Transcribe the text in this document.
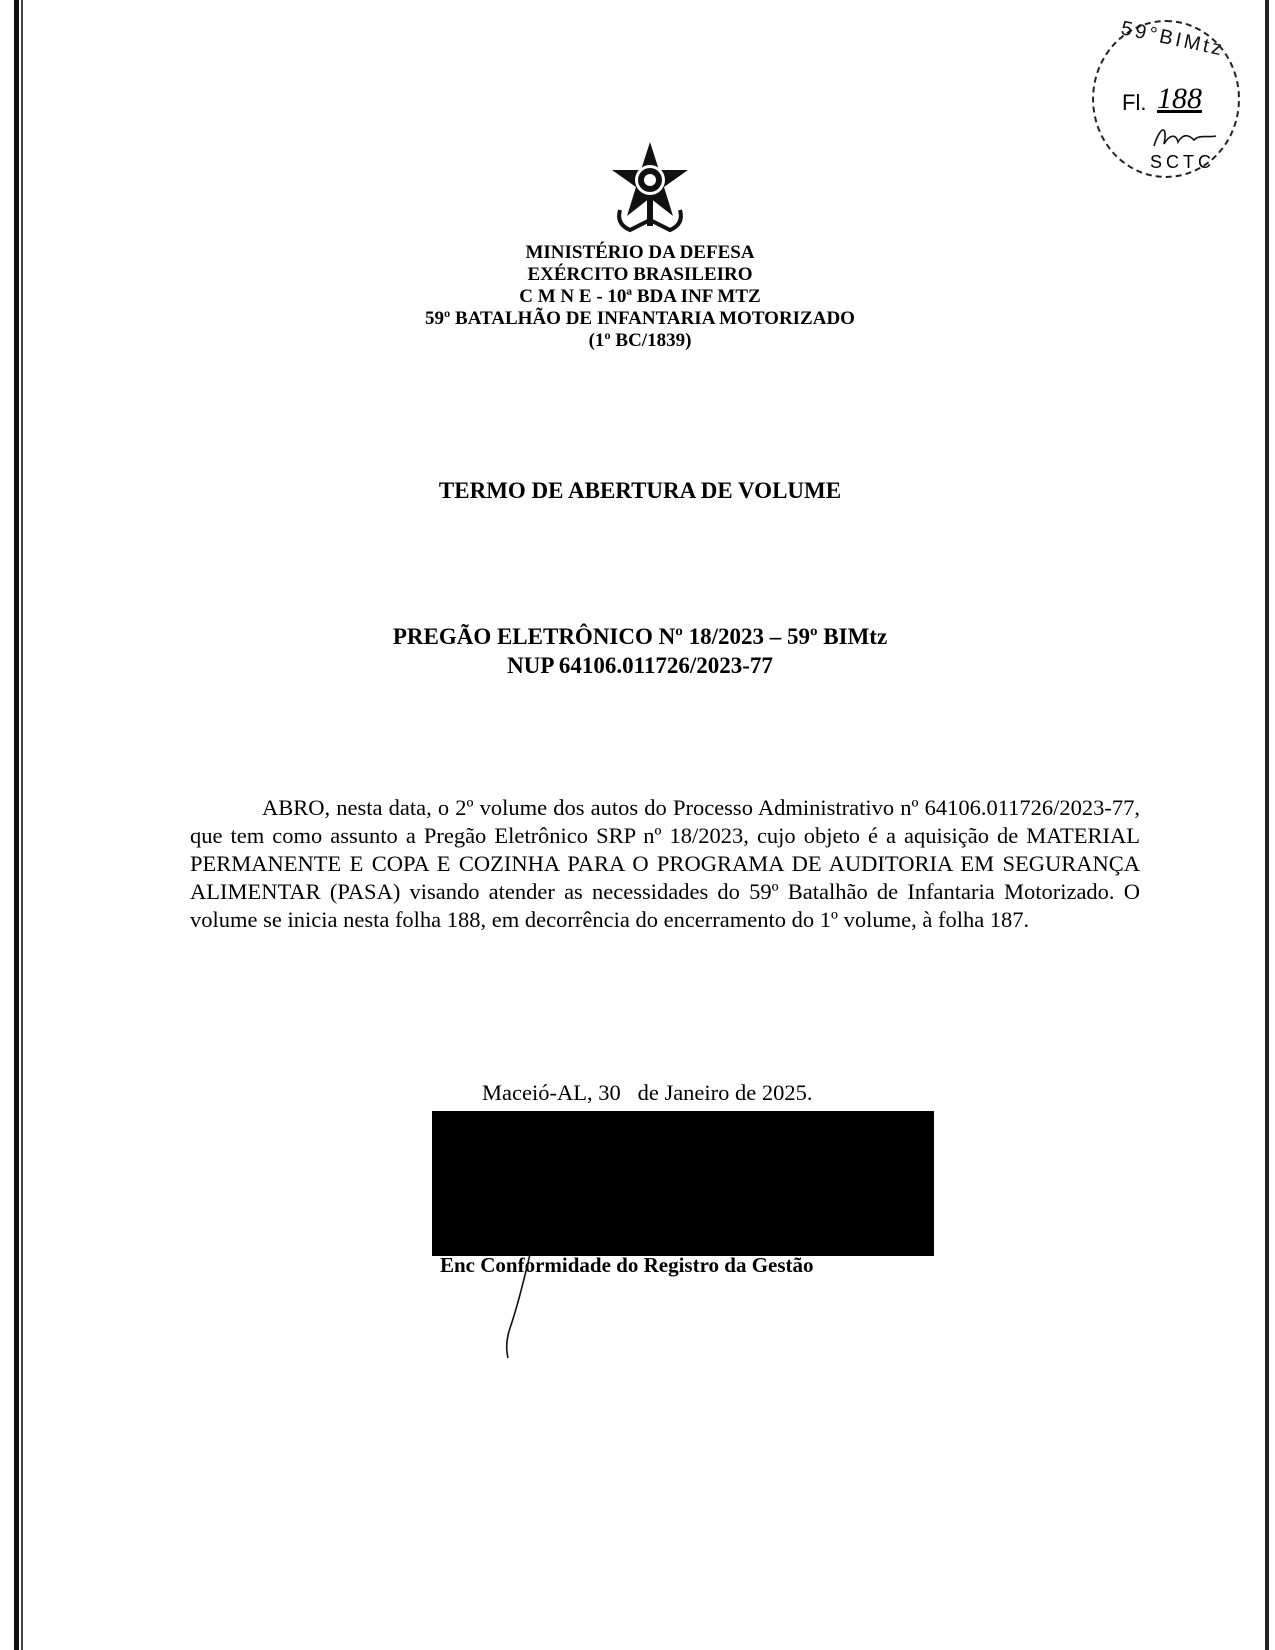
59°BIMtz
Fl. 188
SCTC
MINISTÉRIO DA DEFESA
EXÉRCITO BRASILEIRO
C M N E - 10ª BDA INF MTZ
59º BATALHÃO DE INFANTARIA MOTORIZADO
(1º BC/1839)
TERMO DE ABERTURA DE VOLUME
PREGÃO ELETRÔNICO Nº 18/2023 – 59º BIMtz
NUP 64106.011726/2023-77
ABRO, nesta data, o 2º volume dos autos do Processo Administrativo nº 64106.011726/2023-77, que tem como assunto a Pregão Eletrônico SRP nº 18/2023, cujo objeto é a aquisição de MATERIAL PERMANENTE E COPA E COZINHA PARA O PROGRAMA DE AUDITORIA EM SEGURANÇA ALIMENTAR (PASA) visando atender as necessidades do 59º Batalhão de Infantaria Motorizado. O volume se inicia nesta folha 188, em decorrência do encerramento do 1º volume, à folha 187.
Maceió-AL, 30   de Janeiro de 2025.
Enc Conformidade do Registro da Gestão
